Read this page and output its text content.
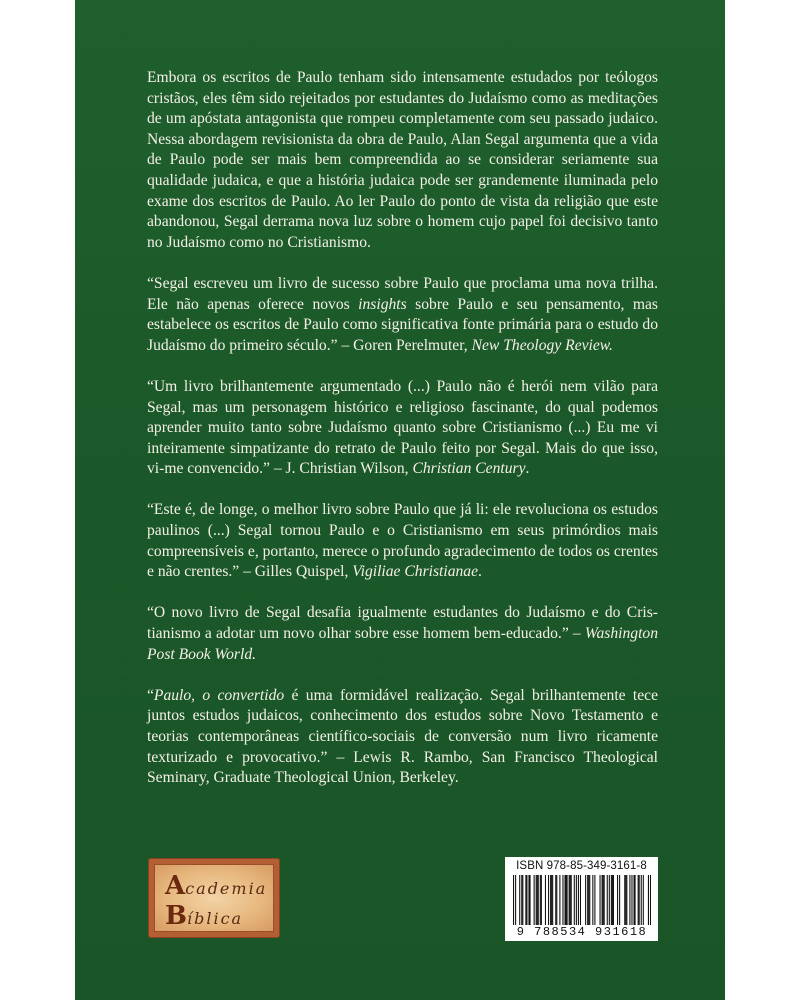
Embora os escritos de Paulo tenham sido intensamente estudados por teólogos cristãos, eles têm sido rejeitados por estudantes do Judaísmo como as meditações de um apóstata antagonista que rompeu completamente com seu passado judaico. Nessa abordagem revisionista da obra de Paulo, Alan Segal argumenta que a vida de Paulo pode ser mais bem compreendida ao se considerar seriamente sua qualidade judaica, e que a história judaica pode ser grandemente iluminada pelo exame dos escritos de Paulo. Ao ler Paulo do ponto de vista da religião que este abandonou, Segal derrama nova luz sobre o homem cujo papel foi decisivo tanto no Judaísmo como no Cristianismo.

“Segal escreveu um livro de sucesso sobre Paulo que proclama uma nova trilha. Ele não apenas oferece novos insights sobre Paulo e seu pensamento, mas estabelece os escritos de Paulo como significativa fonte primária para o estudo do Judaísmo do primeiro século.” – Goren Perelmuter, New Theology Review.

“Um livro brilhantemente argumentado (...) Paulo não é herói nem vilão para Segal, mas um personagem histórico e religioso fascinante, do qual podemos aprender muito tanto sobre Judaísmo quanto sobre Cristianismo (...) Eu me vi inteiramente simpatizante do retrato de Paulo feito por Segal. Mais do que isso, vi-me convencido.” – J. Christian Wilson, Christian Century.

“Este é, de longe, o melhor livro sobre Paulo que já li: ele revoluciona os estudos paulinos (...) Segal tornou Paulo e o Cristianismo em seus primórdios mais compreensíveis e, portanto, merece o profundo agradecimento de todos os crentes e não crentes.” – Gilles Quispel, Vigiliae Christianae.

“O novo livro de Segal desafia igualmente estudantes do Judaísmo e do Cristianismo a adotar um novo olhar sobre esse homem bem-educado.” – Washington Post Book World.

“Paulo, o convertido é uma formidável realização. Segal brilhantemente tece juntos estudos judaicos, conhecimento dos estudos sobre Novo Testamento e teorias contemporâneas científico-sociais de conversão num livro ricamente texturizado e provocativo.” – Lewis R. Rambo, San Francisco Theological Seminary, Graduate Theological Union, Berkeley.

Academia
Bíblica
ISBN 978-85-349-3161-8
9 788534 931618
